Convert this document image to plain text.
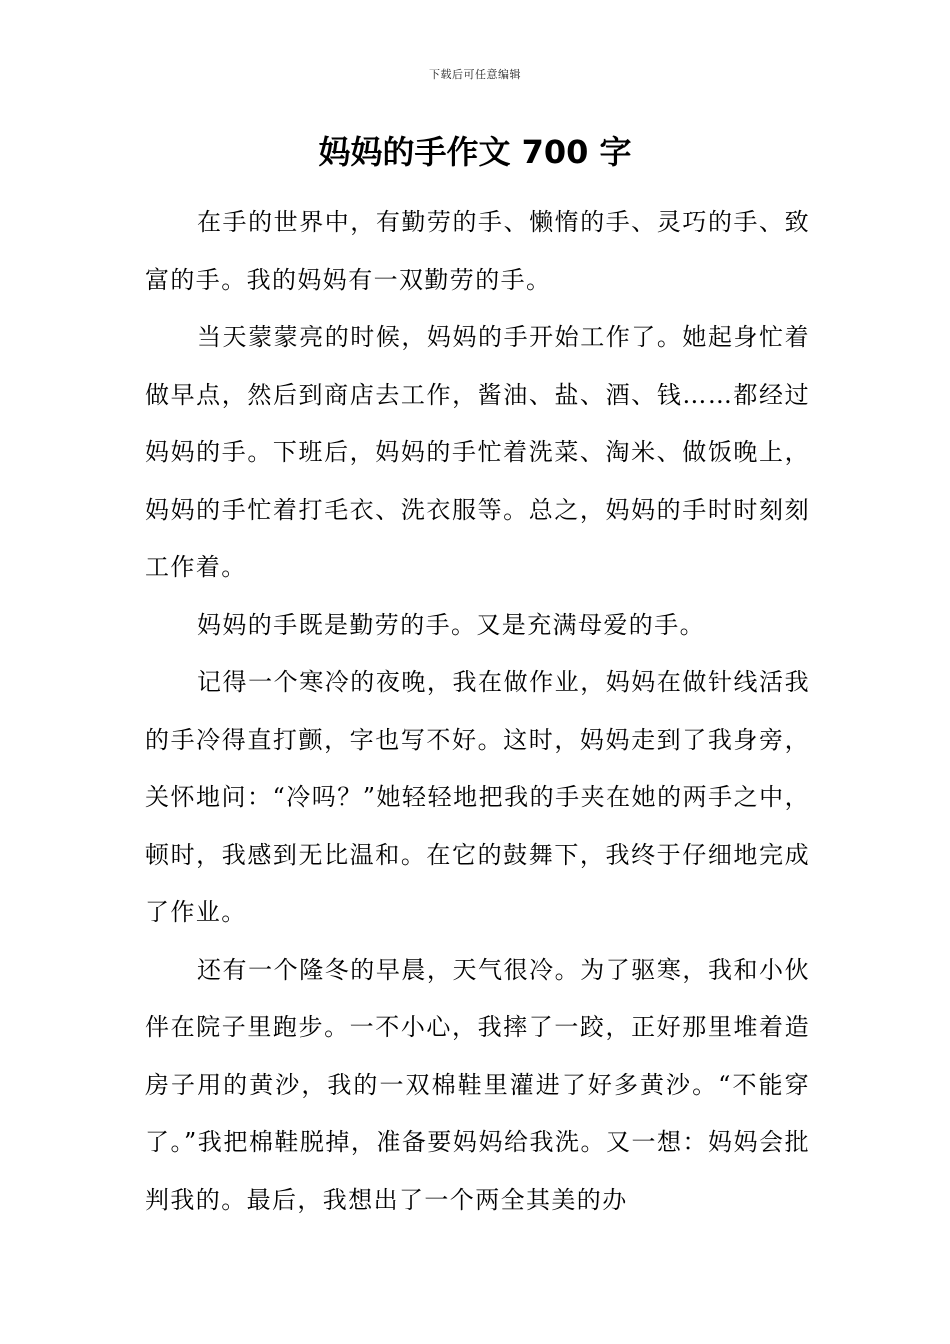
下载后可任意编辑
妈妈的手作文 700 字

在手的世界中，有勤劳的手、懒惰的手、灵巧的手、致富的手。我的妈妈有一双勤劳的手。

当天蒙蒙亮的时候，妈妈的手开始工作了。她起身忙着做早点，然后到商店去工作，酱油、盐、酒、钱……都经过妈妈的手。下班后，妈妈的手忙着洗菜、淘米、做饭晚上，妈妈的手忙着打毛衣、洗衣服等。总之，妈妈的手时时刻刻工作着。

妈妈的手既是勤劳的手。又是充满母爱的手。

记得一个寒冷的夜晚，我在做作业，妈妈在做针线活我的手冷得直打颤，字也写不好。这时，妈妈走到了我身旁，关怀地问：“冷吗？”她轻轻地把我的手夹在她的两手之中，顿时，我感到无比温和。在它的鼓舞下，我终于仔细地完成了作业。

还有一个隆冬的早晨，天气很冷。为了驱寒，我和小伙伴在院子里跑步。一不小心，我摔了一跤，正好那里堆着造房子用的黄沙，我的一双棉鞋里灌进了好多黄沙。“不能穿了。”我把棉鞋脱掉，准备要妈妈给我洗。又一想：妈妈会批判我的。最后，我想出了一个两全其美的办
